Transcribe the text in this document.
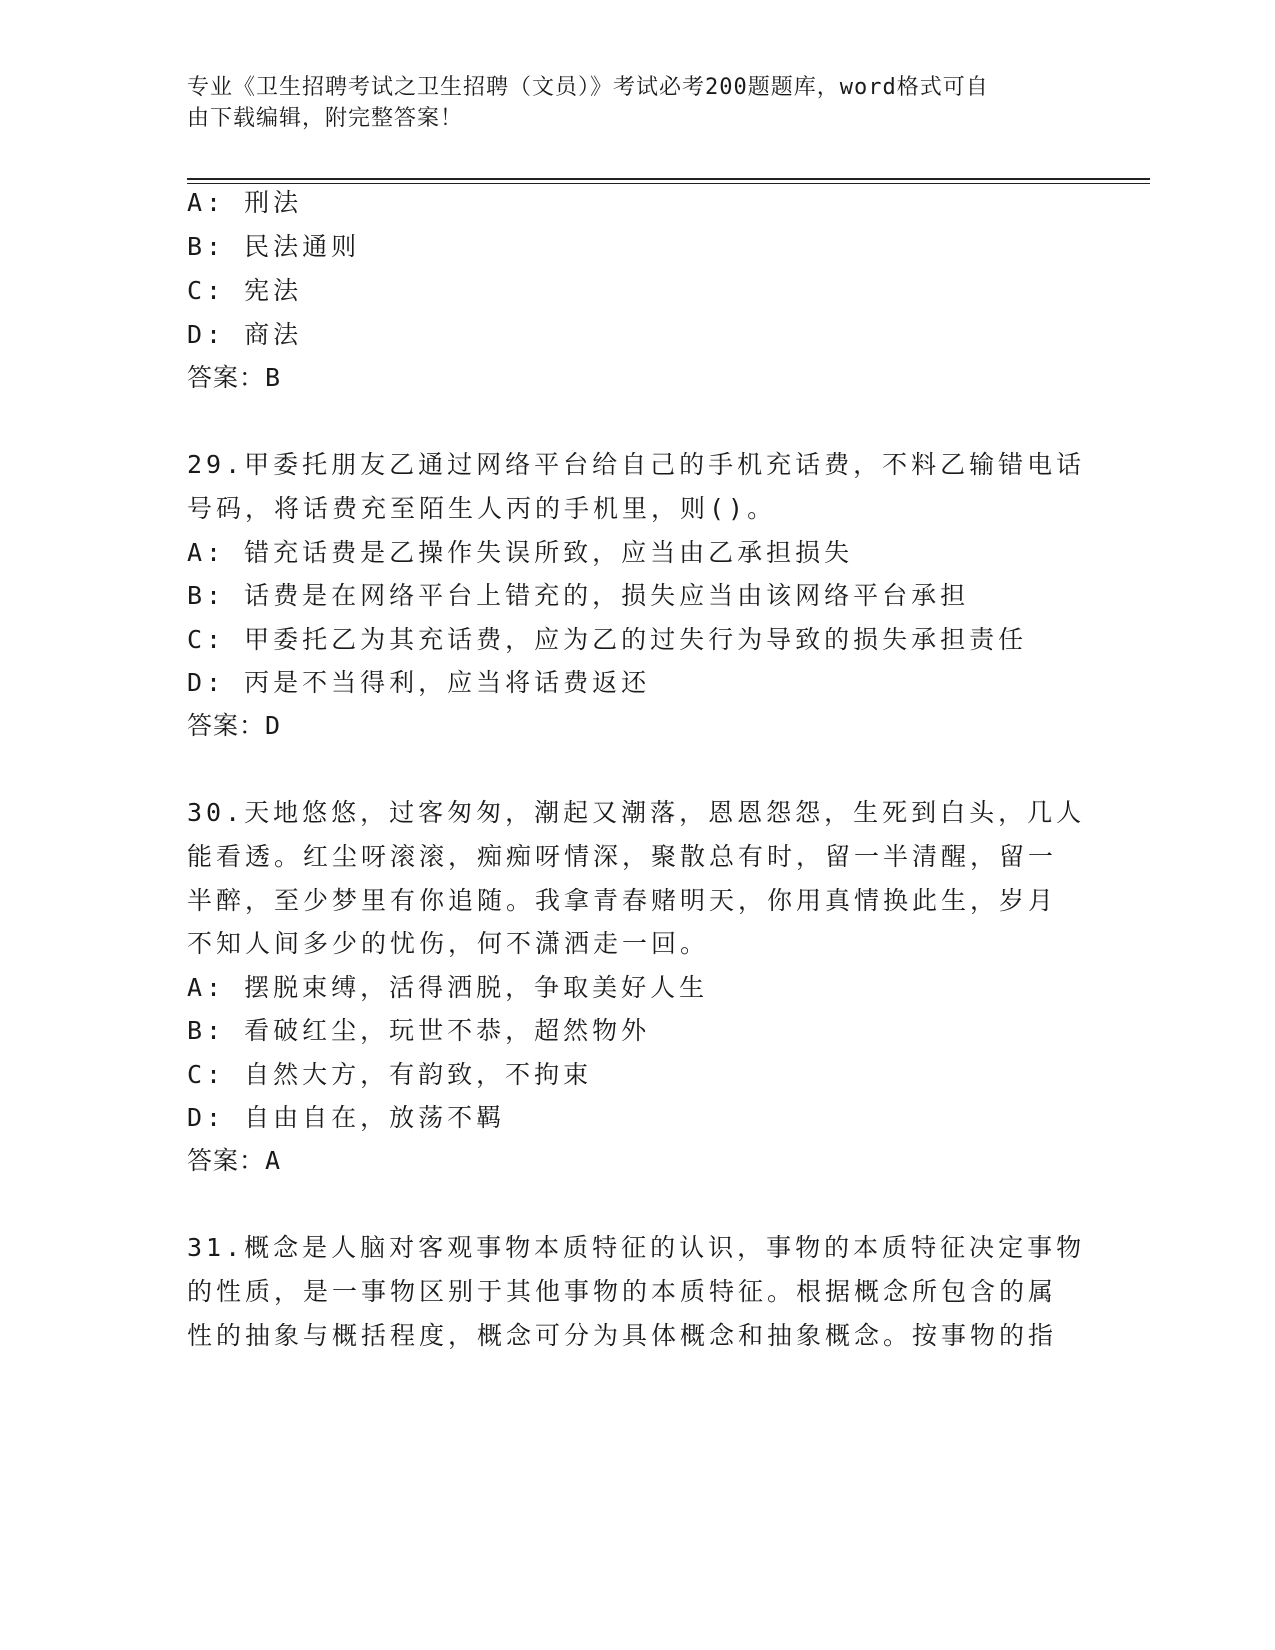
专业《卫生招聘考试之卫生招聘（文员）》考试必考200题题库，word格式可自
由下载编辑，附完整答案！
A: 刑法
B: 民法通则
C: 宪法
D: 商法
答案：B
29.甲委托朋友乙通过网络平台给自己的手机充话费，不料乙输错电话
号码，将话费充至陌生人丙的手机里，则()。
A: 错充话费是乙操作失误所致，应当由乙承担损失
B: 话费是在网络平台上错充的，损失应当由该网络平台承担
C: 甲委托乙为其充话费，应为乙的过失行为导致的损失承担责任
D: 丙是不当得利，应当将话费返还
答案：D
30.天地悠悠，过客匆匆，潮起又潮落，恩恩怨怨，生死到白头，几人
能看透。红尘呀滚滚，痴痴呀情深，聚散总有时，留一半清醒，留一
半醉，至少梦里有你追随。我拿青春赌明天，你用真情换此生，岁月
不知人间多少的忧伤，何不潇洒走一回。
A: 摆脱束缚，活得洒脱，争取美好人生
B: 看破红尘，玩世不恭，超然物外
C: 自然大方，有韵致，不拘束
D: 自由自在，放荡不羁
答案：A
31.概念是人脑对客观事物本质特征的认识，事物的本质特征决定事物
的性质，是一事物区别于其他事物的本质特征。根据概念所包含的属
性的抽象与概括程度，概念可分为具体概念和抽象概念。按事物的指
